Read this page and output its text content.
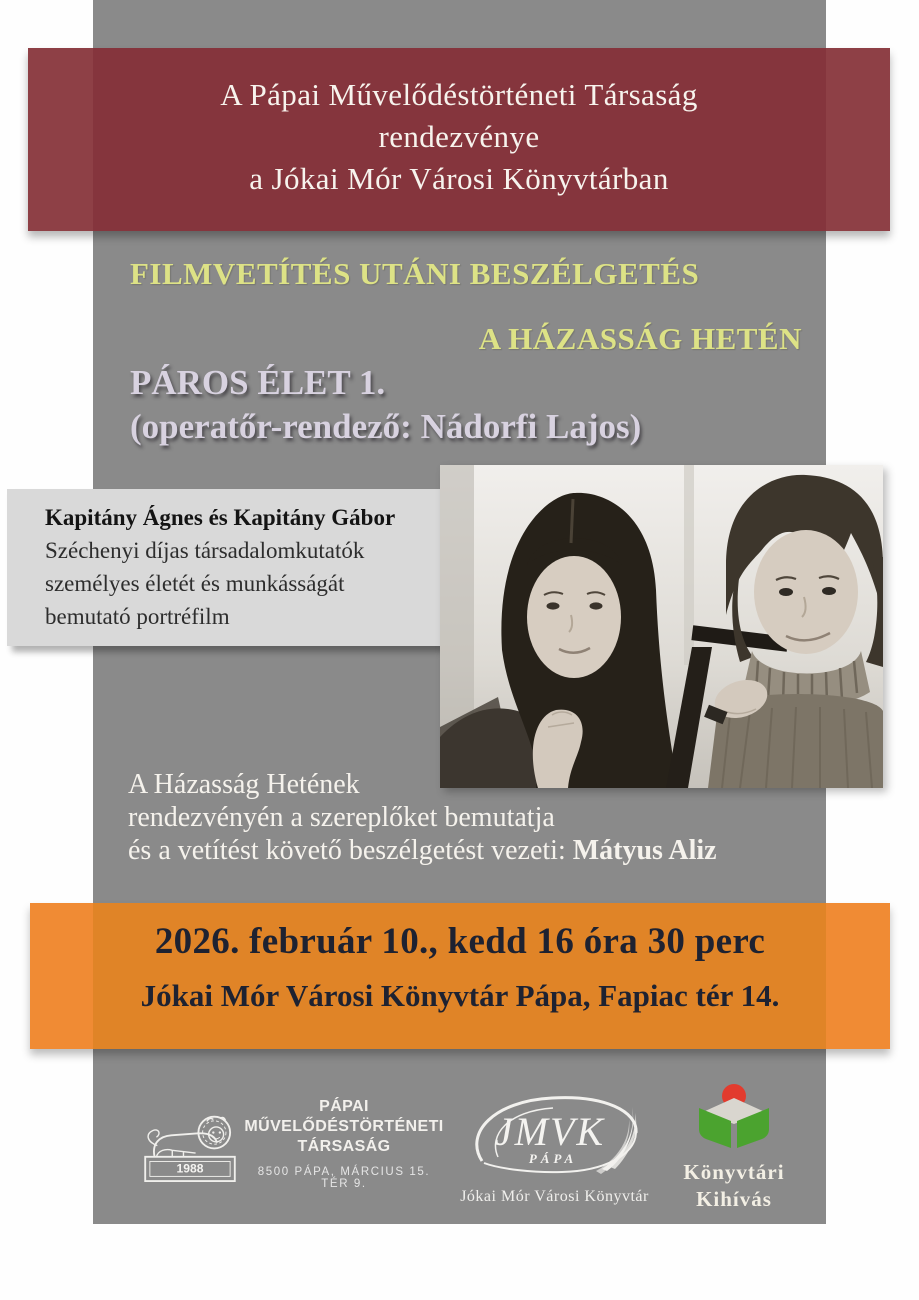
A Pápai Művelődéstörténeti Társaság

rendezvénye

a Jókai Mór Városi Könyvtárban

FILMVETÍTÉS UTÁNI BESZÉLGETÉS
A HÁZASSÁG HETÉN
PÁROS ÉLET 1.
(operatőr-rendező: Nádorfi Lajos)

Kapitány Ágnes és Kapitány Gábor

Széchenyi díjas társadalomkutatók

személyes életét és munkásságát

bemutató portréfilm

A Házasság Hetének

rendezvényén a szereplőket bemutatja

és a vetítést követő beszélgetést vezeti: Mátyus Aliz

2026. február 10., kedd 16 óra 30 perc

Jókai Mór Városi Könyvtár Pápa, Fapiac tér 14.

1988

PÁPAI

MŰVELŐDÉSTÖRTÉNETI

TÁRSASÁG

8500 PÁPA, MÁRCIUS 15. TÉR 9.

JMVK
PÁPA

Jókai Mór Városi Könyvtár

Könyvtári

Kihívás
